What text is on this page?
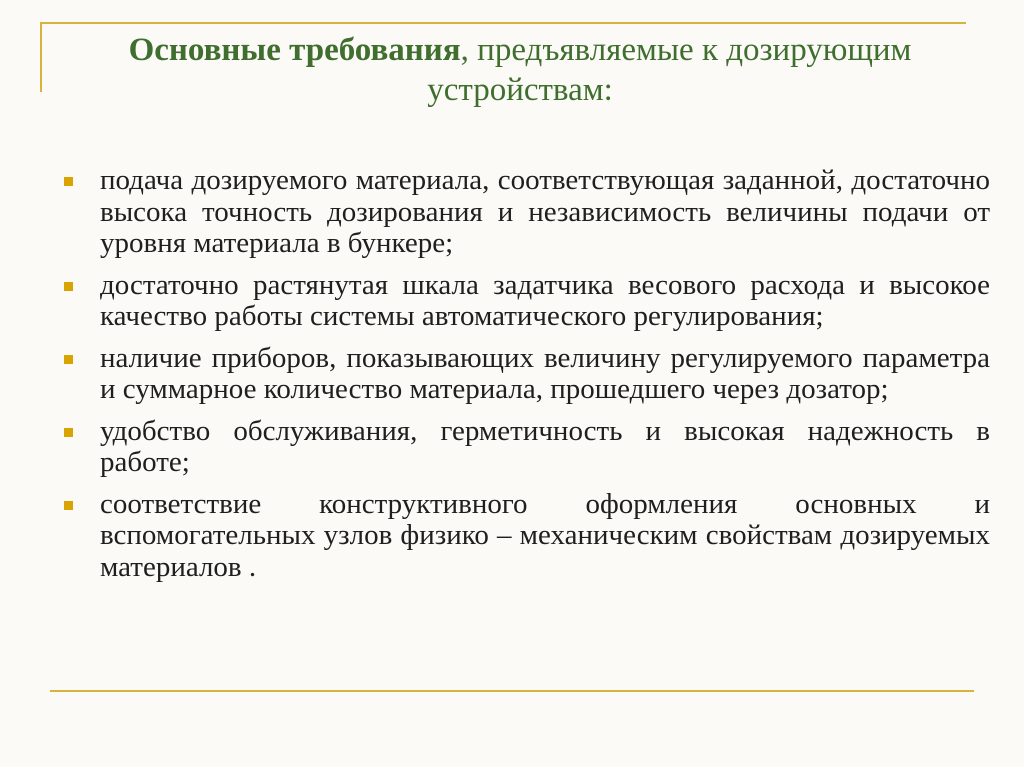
Основные требования, предъявляемые к дозирующим устройствам:
подача дозируемого материала, соответствующая заданной, достаточно высока точность дозирования и независимость величины подачи от уровня материала в бункере;
достаточно растянутая шкала задатчика весового расхода и высокое качество работы системы автоматического регулирования;
наличие приборов, показывающих величину регулируемого параметра и суммарное количество материала, прошедшего через дозатор;
удобство обслуживания, герметичность и высокая надежность в работе;
соответствие конструктивного оформления основных и вспомогательных узлов физико – механическим свойствам дозируемых материалов .
